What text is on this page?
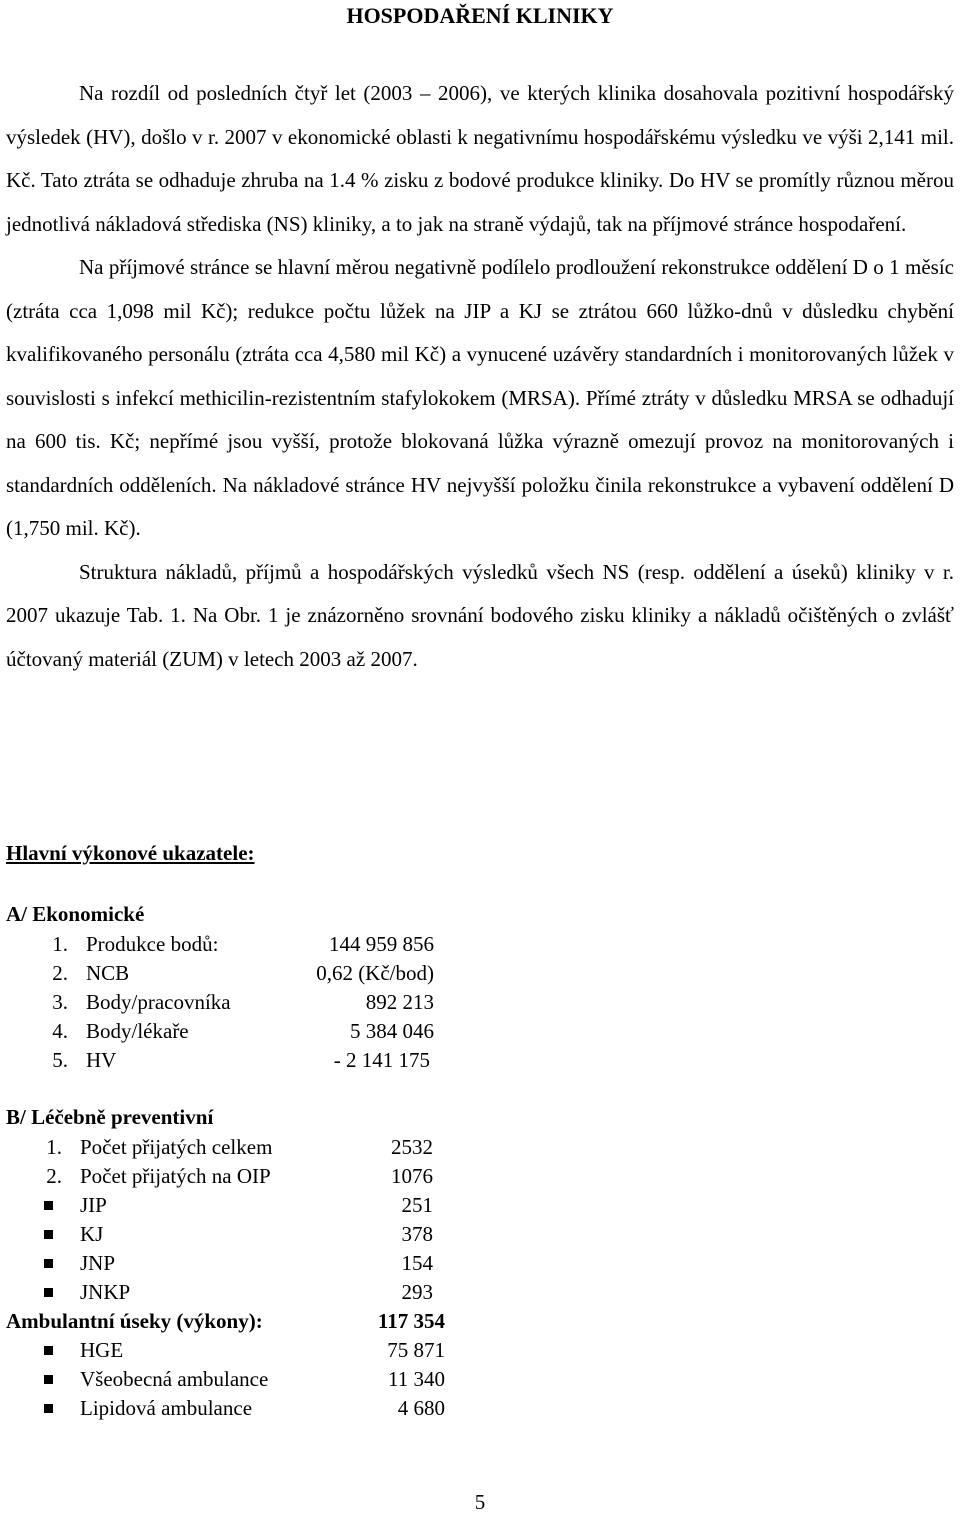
HOSPODAŘENÍ KLINIKY

Na rozdíl od posledních čtyř let (2003 – 2006), ve kterých klinika dosahovala pozitivní hospodářský výsledek (HV), došlo v r. 2007 v ekonomické oblasti k negativnímu hospodářskému výsledku ve výši 2,141 mil. Kč. Tato ztráta se odhaduje zhruba na 1.4 % zisku z bodové produkce kliniky. Do HV se promítly různou měrou jednotlivá nákladová střediska (NS) kliniky, a to jak na straně výdajů, tak na příjmové stránce hospodaření.

Na příjmové stránce se hlavní měrou negativně podílelo prodloužení rekonstrukce oddělení D o 1 měsíc (ztráta cca 1,098 mil Kč); redukce počtu lůžek na JIP a KJ se ztrátou 660 lůžko-dnů v důsledku chybění kvalifikovaného personálu (ztráta cca 4,580 mil Kč) a vynucené uzávěry standardních i monitorovaných lůžek v souvislosti s infekcí methicilin-rezistentním stafylokokem (MRSA). Přímé ztráty v důsledku MRSA se odhadují na 600 tis. Kč; nepřímé jsou vyšší, protože blokovaná lůžka výrazně omezují provoz na monitorovaných i standardních odděleních. Na nákladové stránce HV nejvyšší položku činila rekonstrukce a vybavení oddělení D (1,750 mil. Kč).

Struktura nákladů, příjmů a hospodářských výsledků všech NS (resp. oddělení a úseků) kliniky v r. 2007 ukazuje Tab. 1. Na Obr. 1 je znázorněno srovnání bodového zisku kliniky a nákladů očištěných o zvlášť účtovaný materiál (ZUM) v letech 2003 až 2007.

Hlavní výkonové ukazatele:
A/ Ekonomické
1. Produkce bodů:	144 959 856
2. NCB	0,62 (Kč/bod)
3. Body/pracovníka	892 213
4. Body/lékaře	5 384 046
5. HV	- 2 141 175
B/ Léčebně preventivní
1. Počet přijatých celkem	2532
2. Počet přijatých na OIP	1076
JIP	251
KJ	378
JNP	154
JNKP	293
Ambulantní úseky (výkony):	117 354
HGE	75 871
Všeobecná ambulance	11 340
Lipidová ambulance	4 680
5
